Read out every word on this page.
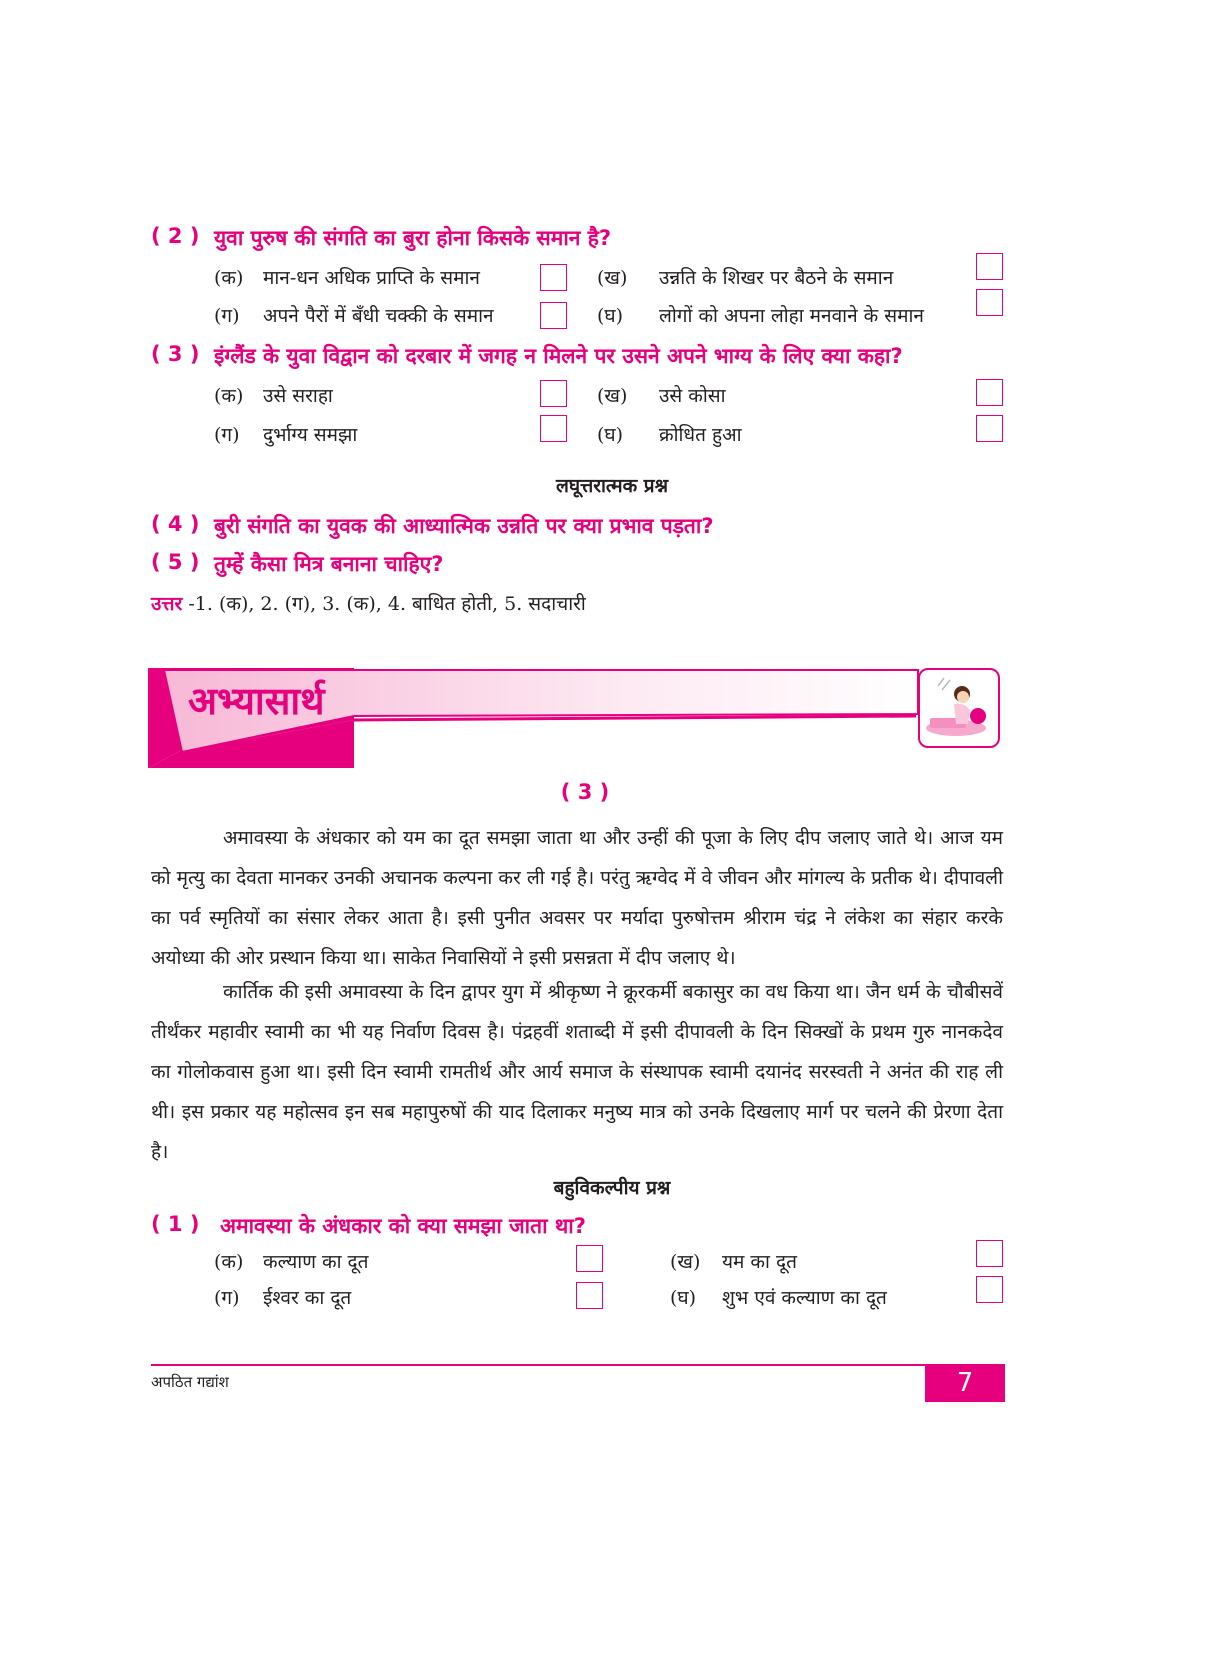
( 2 ) युवा पुरुष की संगति का बुरा होना किसके समान है?
(क) मान-धन अधिक प्राप्ति के समान	(ख) उन्नति के शिखर पर बैठने के समान
(ग) अपने पैरों में बँधी चक्की के समान	(घ) लोगों को अपना लोहा मनवाने के समान
( 3 ) इंग्लैंड के युवा विद्वान को दरबार में जगह न मिलने पर उसने अपने भाग्य के लिए क्या कहा?
(क) उसे सराहा	(ख) उसे कोसा
(ग) दुर्भाग्य समझा	(घ) क्रोधित हुआ
लघूत्तरात्मक प्रश्न
( 4 ) बुरी संगति का युवक की आध्यात्मिक उन्नति पर क्या प्रभाव पड़ता?
( 5 ) तुम्हें कैसा मित्र बनाना चाहिए?
उत्तर -1. (क), 2. (ग), 3. (क), 4. बाधित होती, 5. सदाचारी
अभ्यासार्थ
( 3 )
अमावस्या के अंधकार को यम का दूत समझा जाता था और उन्हीं की पूजा के लिए दीप जलाए जाते थे। आज यम को मृत्यु का देवता मानकर उनकी अचानक कल्पना कर ली गई है। परंतु ऋग्वेद में वे जीवन और मांगल्य के प्रतीक थे। दीपावली का पर्व स्मृतियों का संसार लेकर आता है। इसी पुनीत अवसर पर मर्यादा पुरुषोत्तम श्रीराम चंद्र ने लंकेश का संहार करके अयोध्या की ओर प्रस्थान किया था। साकेत निवासियों ने इसी प्रसन्नता में दीप जलाए थे।
कार्तिक की इसी अमावस्या के दिन द्वापर युग में श्रीकृष्ण ने क्रूरकर्मी बकासुर का वध किया था। जैन धर्म के चौबीसवें तीर्थंकर महावीर स्वामी का भी यह निर्वाण दिवस है। पंद्रहवीं शताब्दी में इसी दीपावली के दिन सिक्खों के प्रथम गुरु नानकदेव का गोलोकवास हुआ था। इसी दिन स्वामी रामतीर्थ और आर्य समाज के संस्थापक स्वामी दयानंद सरस्वती ने अनंत की राह ली थी। इस प्रकार यह महोत्सव इन सब महापुरुषों की याद दिलाकर मनुष्य मात्र को उनके दिखलाए मार्ग पर चलने की प्रेरणा देता है।
बहुविकल्पीय प्रश्न
( 1 ) अमावस्या के अंधकार को क्या समझा जाता था?
(क) कल्याण का दूत	(ख) यम का दूत
(ग) ईश्वर का दूत	(घ) शुभ एवं कल्याण का दूत
अपठित गद्यांश	7
